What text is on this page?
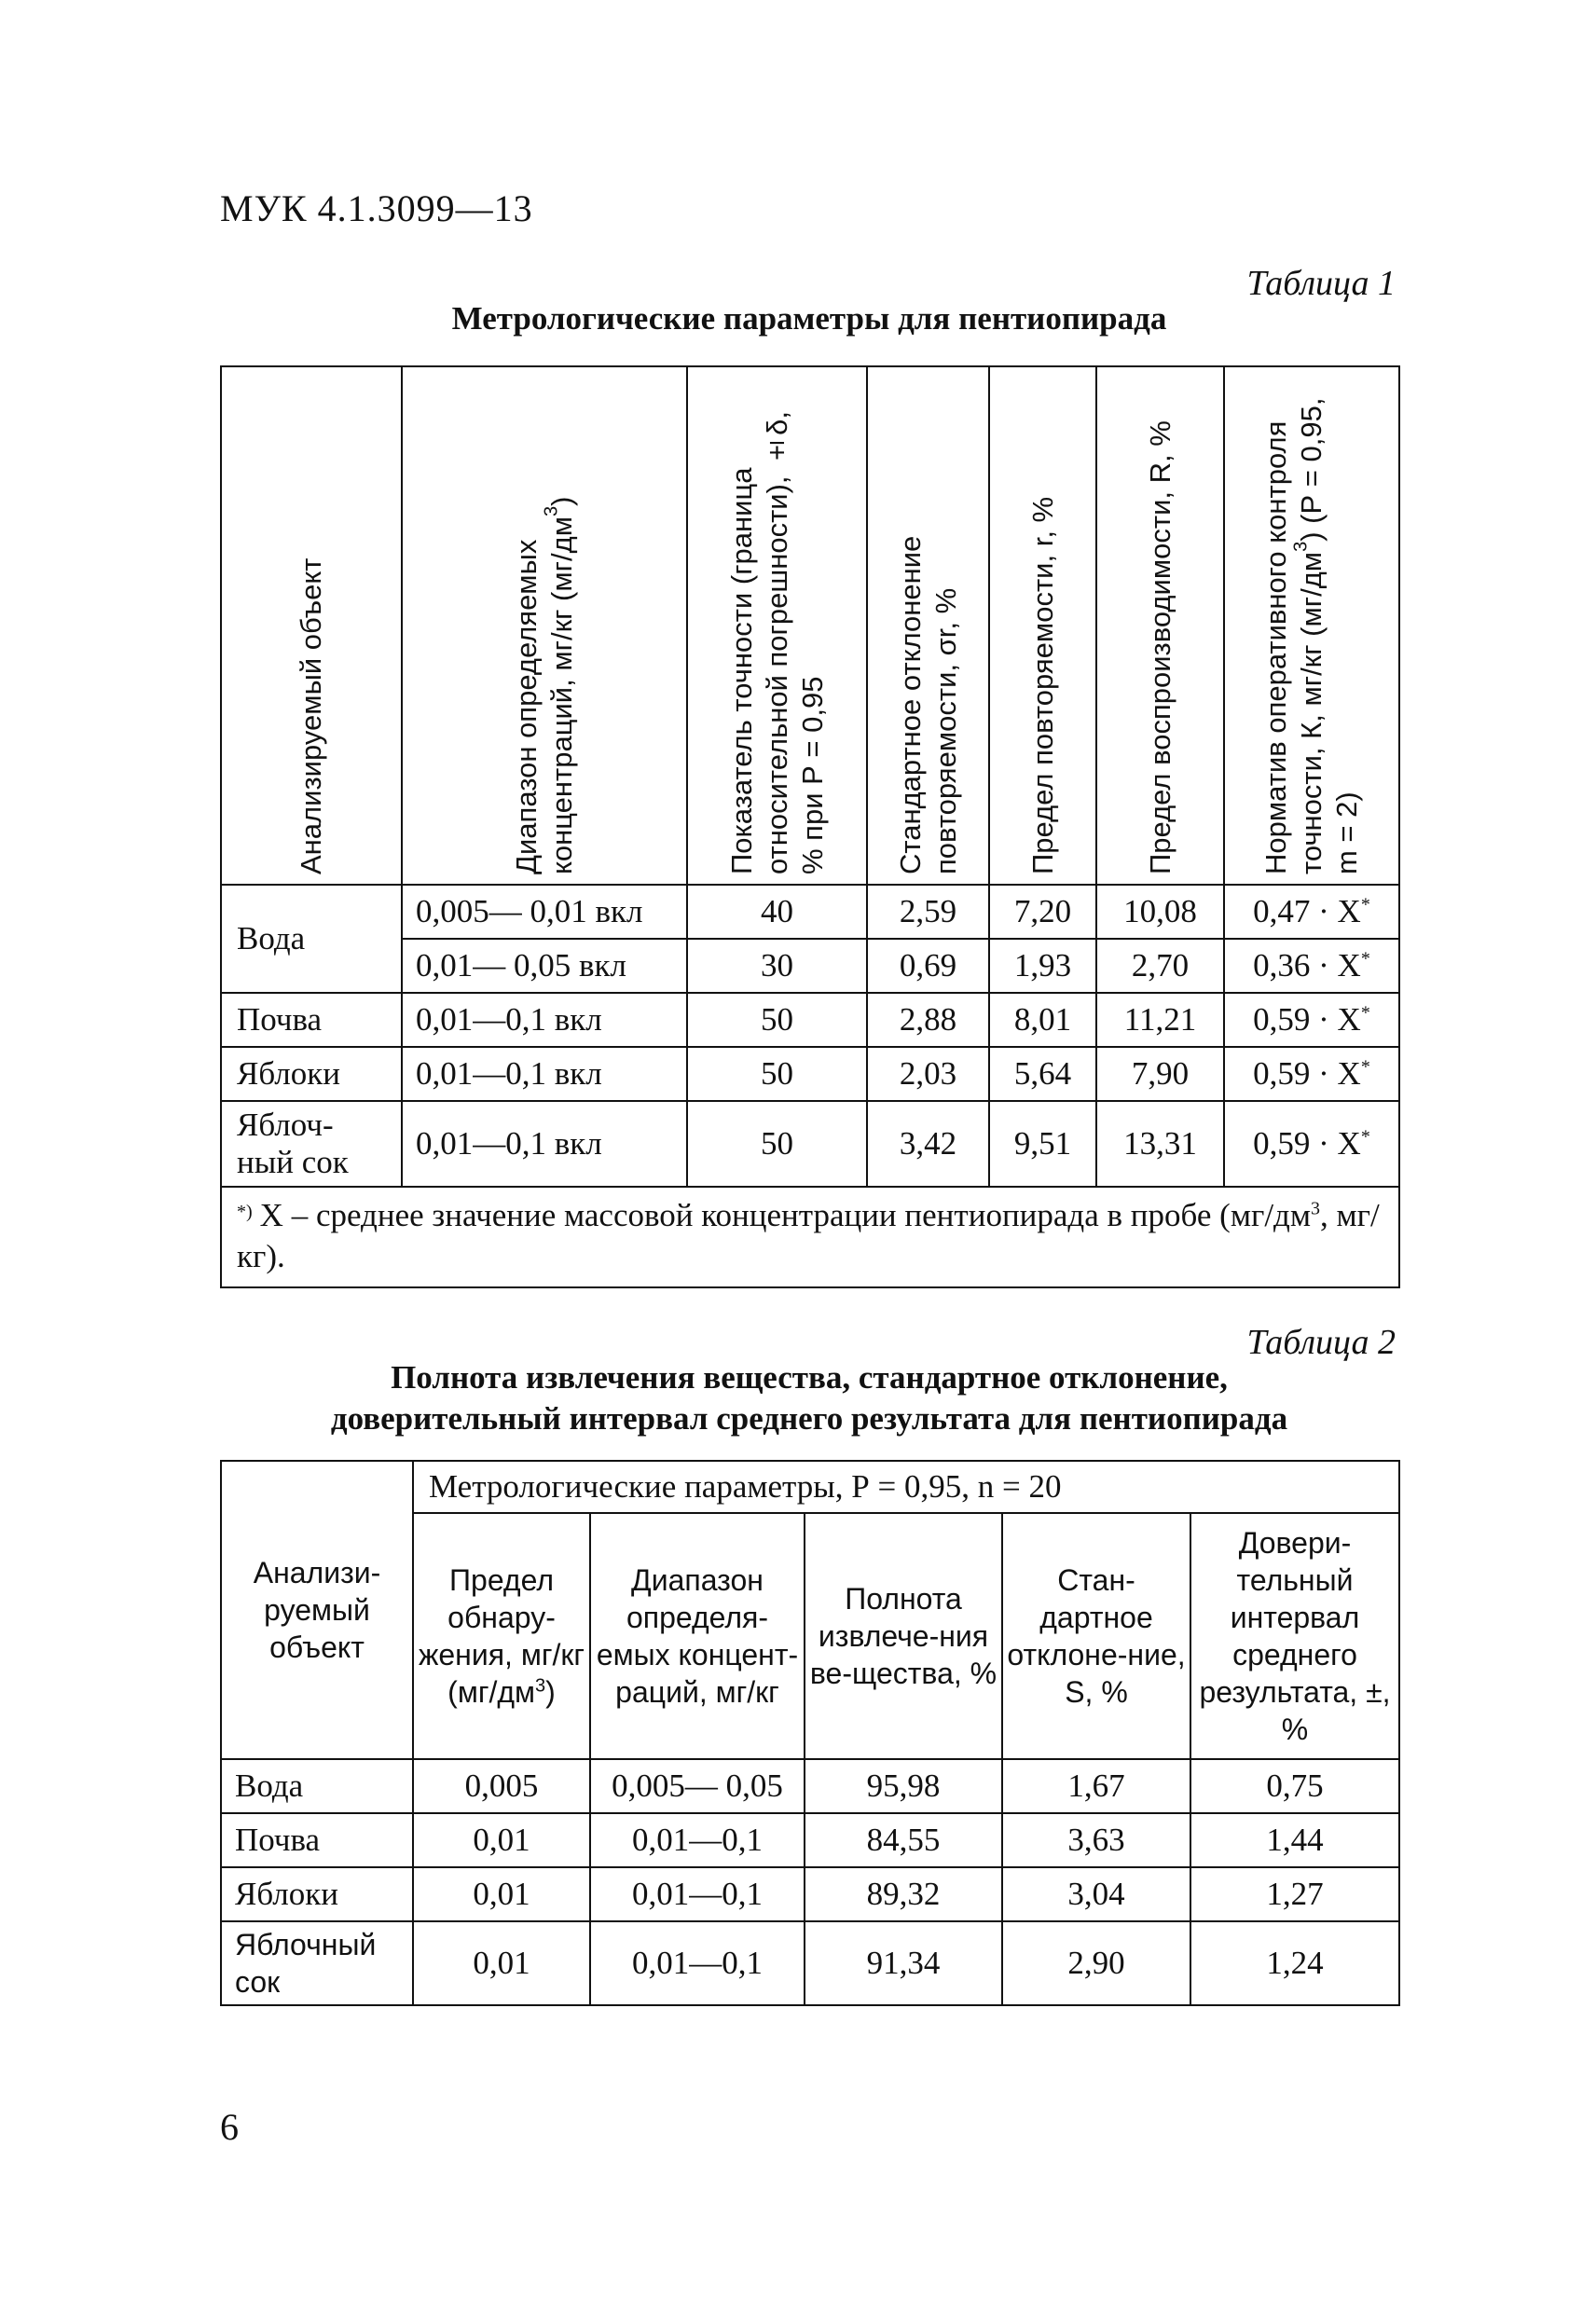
МУК 4.1.3099—13
Таблица 1
Метрологические параметры для пентиопирада
Анализируемый объект	Диапазон определяемых концентраций, мг/кг $(мг/дм^3)$	Показатель точности (граница относительной погрешности), ±δ, % при Р = 0,95	Стандартное отклонение повторяемости, σr, %	Предел повторяемости, r, %	Предел воспроизводимости, R, %	Норматив оперативного контроля точности, К, мг/кг $(мг/дм^3) (Р = 0,95$, m = 2)

Вода	0,005— 0,01 вкл	40	2,59	7,20	10,08	0,47 · X*
	0,01— 0,05 вкл	30	0,69	1,93	2,70	0,36 · X*
Почва	0,01—0,1 вкл	50	2,88	8,01	11,21	0,59 · X*
Яблоки	0,01—0,1 вкл	50	2,03	5,64	7,90	0,59 · X*
Яблоч-
ный сок	0,01—0,1 вкл	50	3,42	9,51	13,31	0,59 · X*
*) X – среднее значение массовой концентрации пентиопирада в пробе ($мг/дм^3$, мг/кг).						
Таблица 2
Полнота извлечения вещества, стандартное отклонение,
доверительный интервал среднего результата для пентиопирада
Анализи-руемый объект	Метрологические параметры, Р = 0,95, n = 20				
	Предел обнару-жения, мг/кг $(мг/дм^3)$	Диапазон определя-емых концент-раций, мг/кг	Полнота извлече-ния ве-щества, %	Стан-дартное отклоне-ние, S, %	Довери-тельный интервал среднего результата, ±, %
Вода	0,005	0,005— 0,05	95,98	1,67	0,75
Почва	0,01	0,01—0,1	84,55	3,63	1,44
Яблоки	0,01	0,01—0,1	89,32	3,04	1,27
Яблочный
сок	0,01	0,01—0,1	91,34	2,90	1,24
6
